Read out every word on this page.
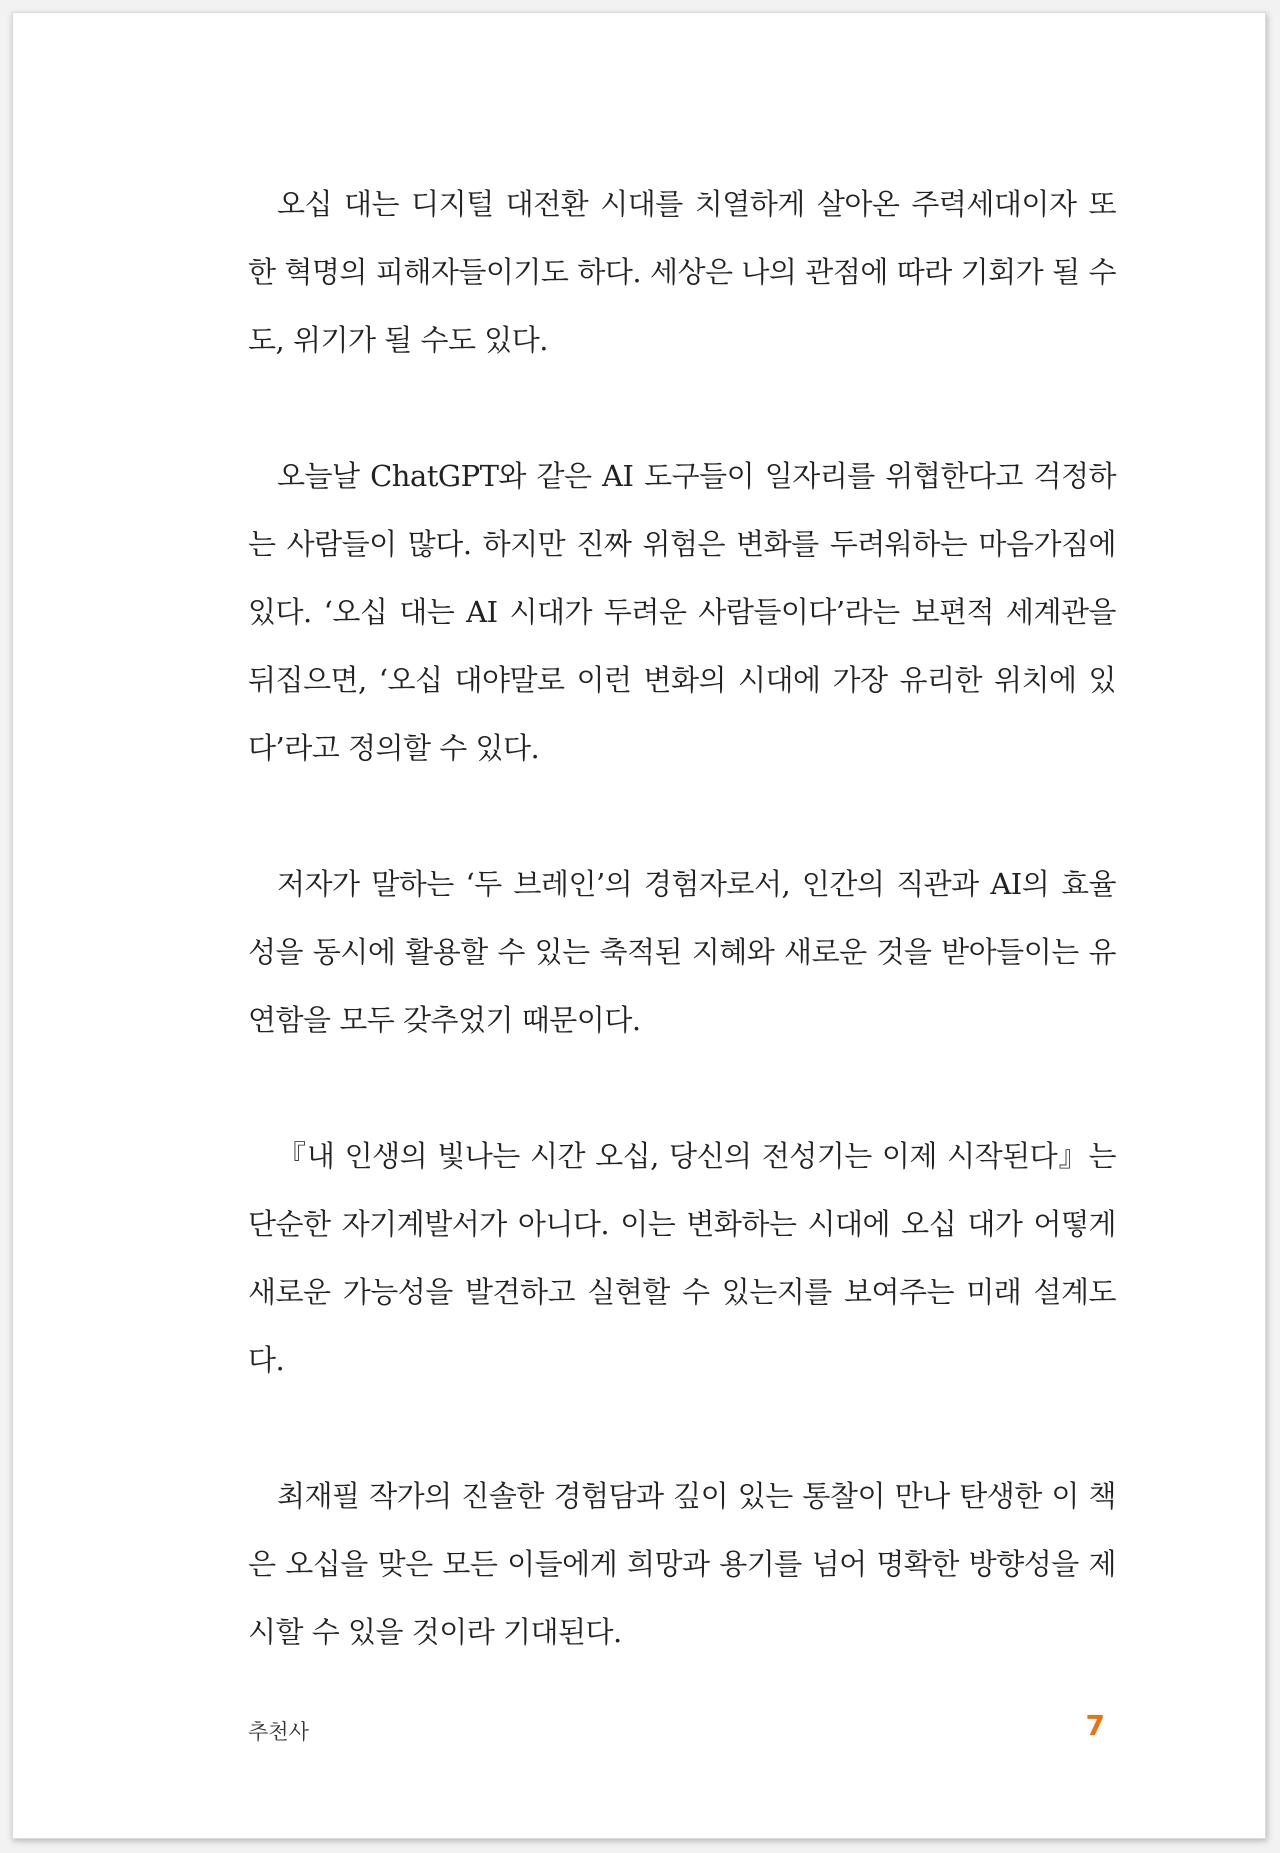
오십 대는 디지털 대전환 시대를 치열하게 살아온 주력세대이자 또한 혁명의 피해자들이기도 하다. 세상은 나의 관점에 따라 기회가 될 수도, 위기가 될 수도 있다.

오늘날 ChatGPT와 같은 AI 도구들이 일자리를 위협한다고 걱정하는 사람들이 많다. 하지만 진짜 위험은 변화를 두려워하는 마음가짐에 있다. ‘오십 대는 AI 시대가 두려운 사람들이다’라는 보편적 세계관을 뒤집으면, ‘오십 대야말로 이런 변화의 시대에 가장 유리한 위치에 있다’라고 정의할 수 있다.

저자가 말하는 ‘두 브레인’의 경험자로서, 인간의 직관과 AI의 효율성을 동시에 활용할 수 있는 축적된 지혜와 새로운 것을 받아들이는 유연함을 모두 갖추었기 때문이다.

『내 인생의 빛나는 시간 오십, 당신의 전성기는 이제 시작된다』는 단순한 자기계발서가 아니다. 이는 변화하는 시대에 오십 대가 어떻게 새로운 가능성을 발견하고 실현할 수 있는지를 보여주는 미래 설계도다.

최재필 작가의 진솔한 경험담과 깊이 있는 통찰이 만나 탄생한 이 책은 오십을 맞은 모든 이들에게 희망과 용기를 넘어 명확한 방향성을 제시할 수 있을 것이라 기대된다.

추천사	7
